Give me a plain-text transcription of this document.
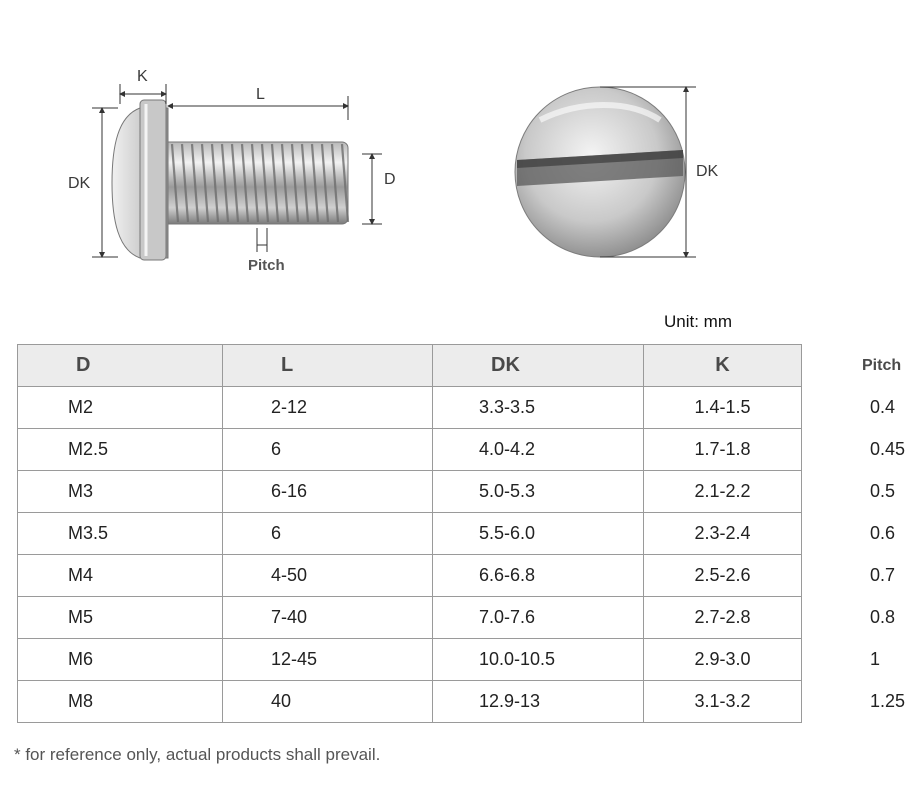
K
L
DK	D
Pitch
DK
Unit: mm
D	L	DK	K	Pitch
M2	2-12	3.3-3.5	1.4-1.5	0.4
M2.5	6	4.0-4.2	1.7-1.8	0.45
M3	6-16	5.0-5.3	2.1-2.2	0.5
M3.5	6	5.5-6.0	2.3-2.4	0.6
M4	4-50	6.6-6.8	2.5-2.6	0.7
M5	7-40	7.0-7.6	2.7-2.8	0.8
M6	12-45	10.0-10.5	2.9-3.0	1
M8	40	12.9-13	3.1-3.2	1.25
* for reference only, actual products shall prevail.
